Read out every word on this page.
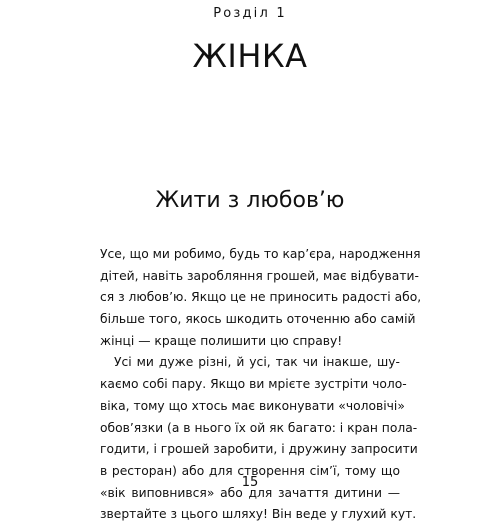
Розділ 1
ЖІНКА
Жити з любов’ю
Усе, що ми робимо, будь то кар’єра, народження
дітей, навіть заробляння грошей, має відбувати-
ся з любов’ю. Якщо це не приносить радості або,
більше того, якось шкодить оточенню або самій
жінці — краще полишити цю справу!
Усі ми дуже різні, й усі, так чи інакше, шу-
каємо собі пару. Якщо ви мрієте зустріти чоло-
віка, тому що хтось має виконувати «чоловічі»
обов’язки (а в нього їх ой як багато: і кран пола-
годити, і грошей заробити, і дружину запросити
в ресторан) або для створення сім’ї, тому що
«вік виповнився» або для зачаття дитини —
звертайте з цього шляху! Він веде у глухий кут.
15
